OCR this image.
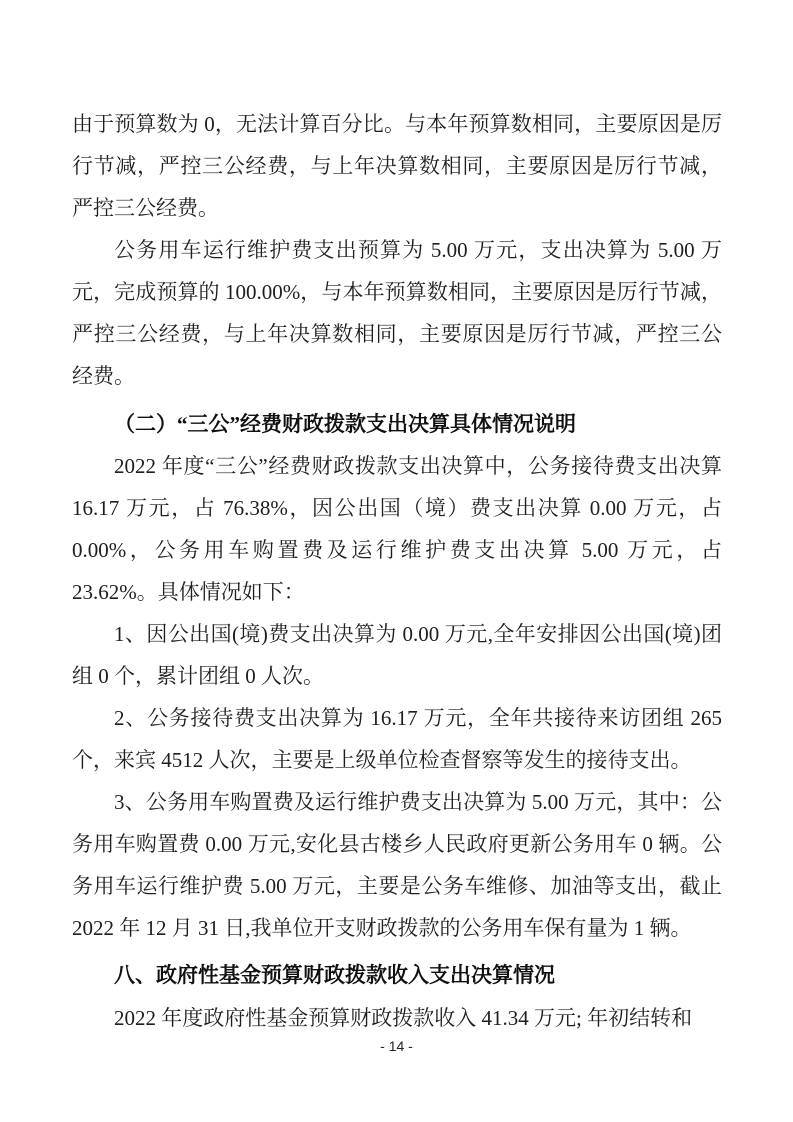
由于预算数为 0，无法计算百分比。与本年预算数相同，主要原因是厉行节减，严控三公经费，与上年决算数相同，主要原因是厉行节减，严控三公经费。

公务用车运行维护费支出预算为 5.00 万元，支出决算为 5.00 万元，完成预算的 100.00%，与本年预算数相同，主要原因是厉行节减，严控三公经费，与上年决算数相同，主要原因是厉行节减，严控三公经费。

（二）“三公”经费财政拨款支出决算具体情况说明

2022 年度“三公”经费财政拨款支出决算中，公务接待费支出决算 16.17 万元，占 76.38%，因公出国（境）费支出决算 0.00 万元，占 0.00%，公务用车购置费及运行维护费支出决算 5.00 万元，占 23.62%。具体情况如下：

1、因公出国(境)费支出决算为 0.00 万元,全年安排因公出国(境)团组 0 个，累计团组 0 人次。

2、公务接待费支出决算为 16.17 万元，全年共接待来访团组 265 个，来宾 4512 人次，主要是上级单位检查督察等发生的接待支出。

3、公务用车购置费及运行维护费支出决算为 5.00 万元，其中：公务用车购置费 0.00 万元,安化县古楼乡人民政府更新公务用车 0 辆。公务用车运行维护费 5.00 万元，主要是公务车维修、加油等支出，截止 2022 年 12 月 31 日,我单位开支财政拨款的公务用车保有量为 1 辆。

八、政府性基金预算财政拨款收入支出决算情况

2022 年度政府性基金预算财政拨款收入 41.34 万元; 年初结转和

- 14 -
